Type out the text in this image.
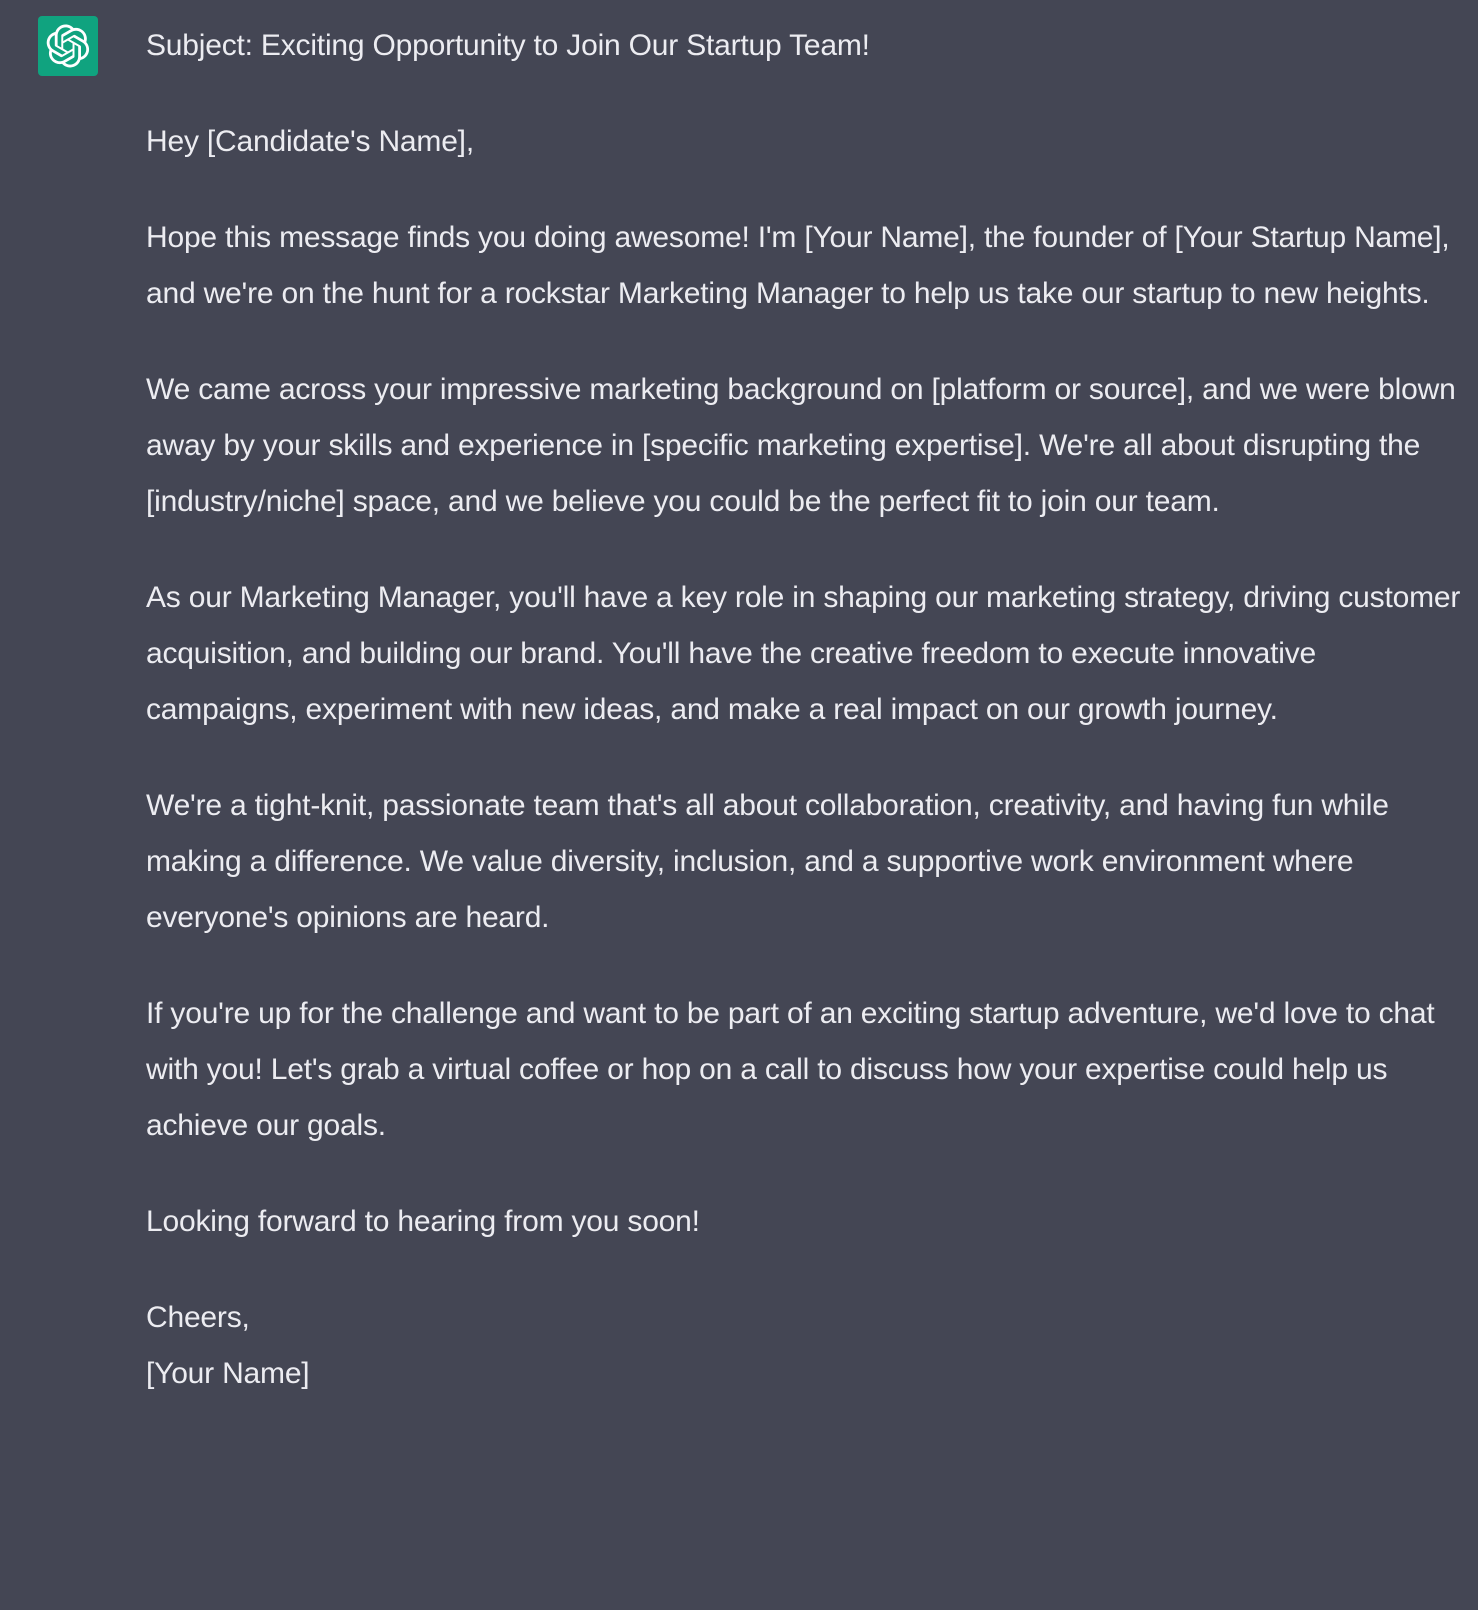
Subject: Exciting Opportunity to Join Our Startup Team!

Hey [Candidate's Name],

Hope this message finds you doing awesome! I'm [Your Name], the founder of [Your Startup Name], and we're on the hunt for a rockstar Marketing Manager to help us take our startup to new heights.

We came across your impressive marketing background on [platform or source], and we were blown away by your skills and experience in [specific marketing expertise]. We're all about disrupting the [industry/niche] space, and we believe you could be the perfect fit to join our team.

As our Marketing Manager, you'll have a key role in shaping our marketing strategy, driving customer acquisition, and building our brand. You'll have the creative freedom to execute innovative campaigns, experiment with new ideas, and make a real impact on our growth journey.

We're a tight-knit, passionate team that's all about collaboration, creativity, and having fun while making a difference. We value diversity, inclusion, and a supportive work environment where everyone's opinions are heard.

If you're up for the challenge and want to be part of an exciting startup adventure, we'd love to chat with you! Let's grab a virtual coffee or hop on a call to discuss how your expertise could help us achieve our goals.

Looking forward to hearing from you soon!

Cheers,
[Your Name]
